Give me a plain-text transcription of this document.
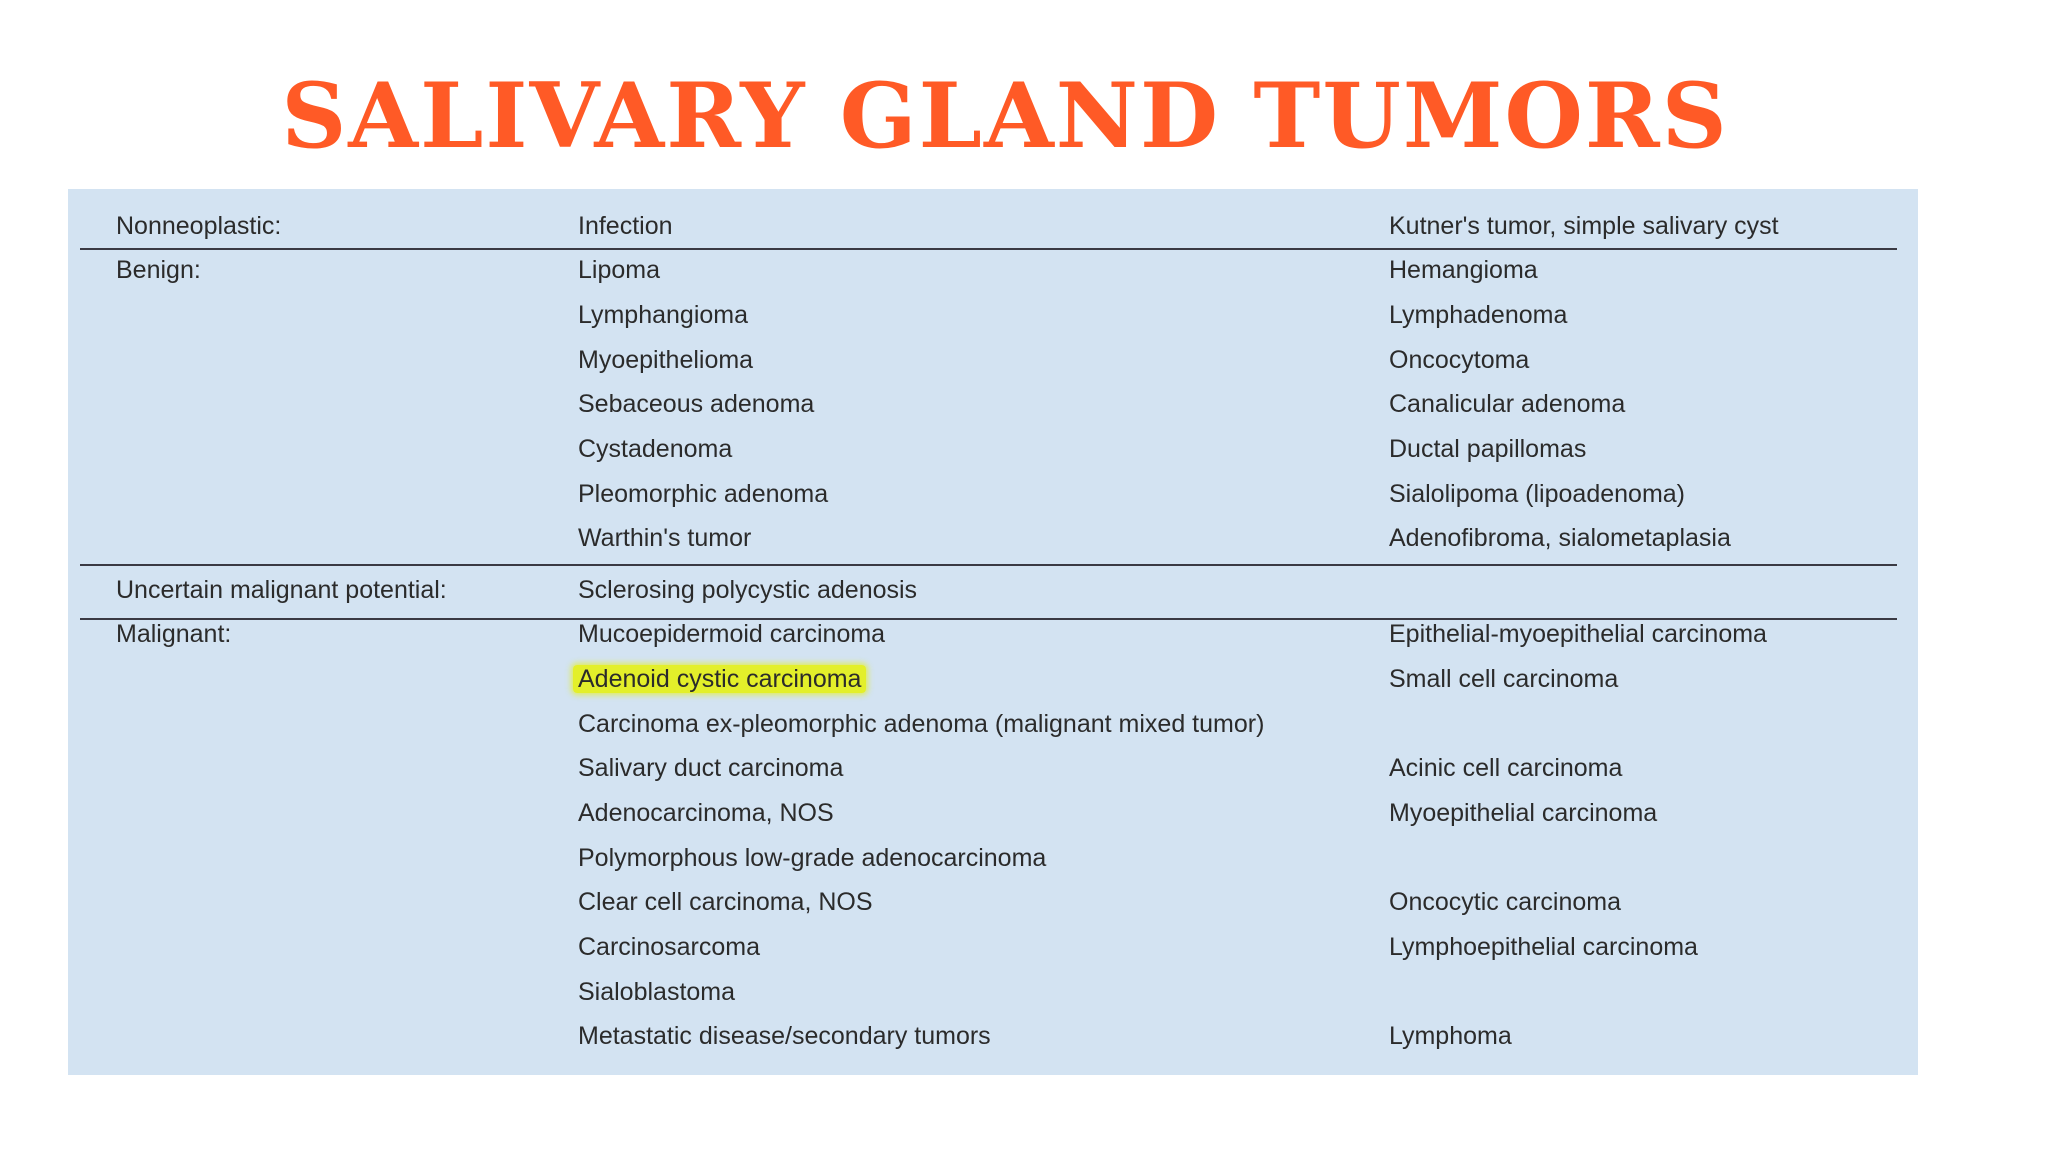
SALIVARY GLAND TUMORS
Nonneoplastic:	Infection	Kutner's tumor, simple salivary cyst
Benign:	Lipoma	Hemangioma
Lymphangioma	Lymphadenoma
Myoepithelioma	Oncocytoma
Sebaceous adenoma	Canalicular adenoma
Cystadenoma	Ductal papillomas
Pleomorphic adenoma	Sialolipoma (lipoadenoma)
Warthin's tumor	Adenofibroma, sialometaplasia
Uncertain malignant potential:	Sclerosing polycystic adenosis
Malignant:	Mucoepidermoid carcinoma	Epithelial-myoepithelial carcinoma
Adenoid cystic carcinoma	Small cell carcinoma
Carcinoma ex-pleomorphic adenoma (malignant mixed tumor)
Salivary duct carcinoma	Acinic cell carcinoma
Adenocarcinoma, NOS	Myoepithelial carcinoma
Polymorphous low-grade adenocarcinoma
Clear cell carcinoma, NOS	Oncocytic carcinoma
Carcinosarcoma	Lymphoepithelial carcinoma
Sialoblastoma
Metastatic disease/secondary tumors	Lymphoma
